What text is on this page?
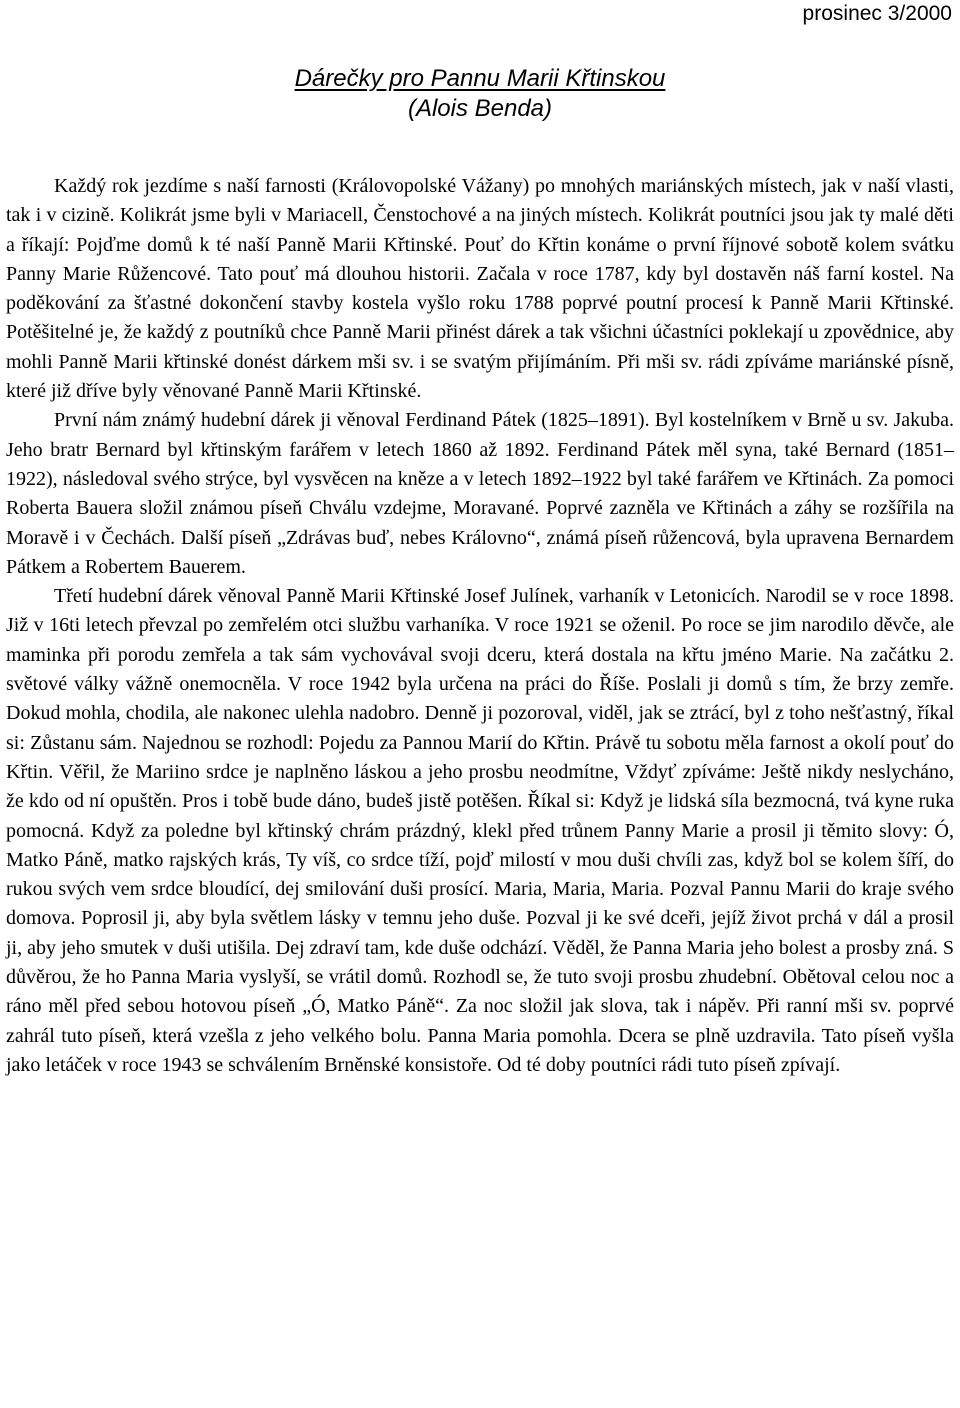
prosinec 3/2000
Dárečky pro Pannu Marii Křtinskou
(Alois Benda)

Každý rok jezdíme s naší farnosti (Královopolské Vážany) po mnohých mariánských místech, jak v naší vlasti, tak i v cizině. Kolikrát jsme byli v Mariacell, Čenstochové a na jiných místech. Kolikrát poutníci jsou jak ty malé děti a říkají: Pojďme domů k té naší Panně Marii Křtinské. Pouť do Křtin konáme o první říjnové sobotě kolem svátku Panny Marie Růžencové. Tato pouť má dlouhou historii. Začala v roce 1787, kdy byl dostavěn náš farní kostel. Na poděkování za šťastné dokončení stavby kostela vyšlo roku 1788 poprvé poutní procesí k Panně Marii Křtinské. Potěšitelné je, že každý z poutníků chce Panně Marii přinést dárek a tak všichni účastníci poklekají u zpovědnice, aby mohli Panně Marii křtinské donést dárkem mši sv. i se svatým přijímáním. Při mši sv. rádi zpíváme mariánské písně, které již dříve byly věnované Panně Marii Křtinské.

První nám známý hudební dárek ji věnoval Ferdinand Pátek (1825–1891). Byl kostelníkem v Brně u sv. Jakuba. Jeho bratr Bernard byl křtinským farářem v letech 1860 až 1892. Ferdinand Pátek měl syna, také Bernard (1851–1922), následoval svého strýce, byl vysvěcen na kněze a v letech 1892–1922 byl také farářem ve Křtinách. Za pomoci Roberta Bauera složil známou píseň Chválu vzdejme, Moravané. Poprvé zazněla ve Křtinách a záhy se rozšířila na Moravě i v Čechách. Další píseň „Zdrávas buď, nebes Královno“, známá píseň růžencová, byla upravena Bernardem Pátkem a Robertem Bauerem.

Třetí hudební dárek věnoval Panně Marii Křtinské Josef Julínek, varhaník v Letonicích. Narodil se v roce 1898. Již v 16ti letech převzal po zemřelém otci službu varhaníka. V roce 1921 se oženil. Po roce se jim narodilo děvče, ale maminka při porodu zemřela a tak sám vychovával svoji dceru, která dostala na křtu jméno Marie. Na začátku 2. světové války vážně onemocněla. V roce 1942 byla určena na práci do Říše. Poslali ji domů s tím, že brzy zemře. Dokud mohla, chodila, ale nakonec ulehla nadobro. Denně ji pozoroval, viděl, jak se ztrácí, byl z toho nešťastný, říkal si: Zůstanu sám. Najednou se rozhodl: Pojedu za Pannou Marií do Křtin. Právě tu sobotu měla farnost a okolí pouť do Křtin. Věřil, že Mariino srdce je naplněno láskou a jeho prosbu neodmítne, Vždyť zpíváme: Ještě nikdy neslycháno, že kdo od ní opuštěn. Pros i tobě bude dáno, budeš jistě potěšen. Říkal si: Když je lidská síla bezmocná, tvá kyne ruka pomocná. Když za poledne byl křtinský chrám prázdný, klekl před trůnem Panny Marie a prosil ji těmito slovy: Ó, Matko Páně, matko rajských krás, Ty víš, co srdce tíží, pojď milostí v mou duši chvíli zas, když bol se kolem šíří, do rukou svých vem srdce bloudící, dej smilování duši prosící. Maria, Maria, Maria. Pozval Pannu Marii do kraje svého domova. Poprosil ji, aby byla světlem lásky v temnu jeho duše. Pozval ji ke své dceři, jejíž život prchá v dál a prosil ji, aby jeho smutek v duši utišila. Dej zdraví tam, kde duše odchází. Věděl, že Panna Maria jeho bolest a prosby zná. S důvěrou, že ho Panna Maria vyslyší, se vrátil domů. Rozhodl se, že tuto svoji prosbu zhudební. Obětoval celou noc a ráno měl před sebou hotovou píseň „Ó, Matko Páně“. Za noc složil jak slova, tak i nápěv. Při ranní mši sv. poprvé zahrál tuto píseň, která vzešla z jeho velkého bolu. Panna Maria pomohla. Dcera se plně uzdravila. Tato píseň vyšla jako letáček v roce 1943 se schválením Brněnské konsistoře. Od té doby poutníci rádi tuto píseň zpívají.
